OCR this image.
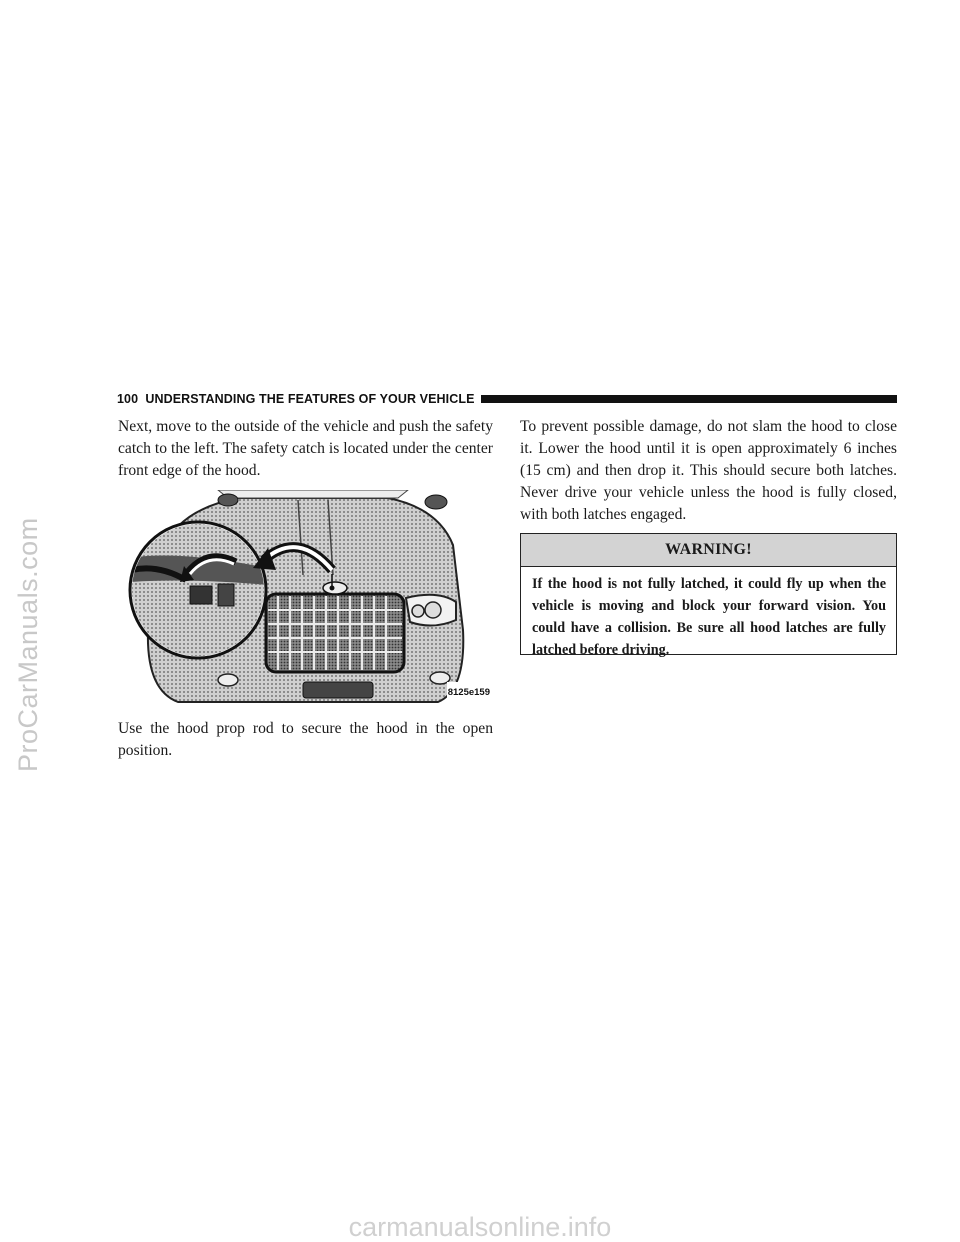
ProCarManuals.com
100 UNDERSTANDING THE FEATURES OF YOUR VEHICLE

Next, move to the outside of the vehicle and push the safety catch to the left. The safety catch is located under the center front edge of the hood.

8125e159

Use the hood prop rod to secure the hood in the open position.

To prevent possible damage, do not slam the hood to close it. Lower the hood until it is open approximately 6 inches (15 cm) and then drop it. This should secure both latches. Never drive your vehicle unless the hood is fully closed, with both latches engaged.

WARNING!
If the hood is not fully latched, it could fly up when the vehicle is moving and block your forward vision. You could have a collision. Be sure all hood latches are fully latched before driving.
carmanualsonline.info
